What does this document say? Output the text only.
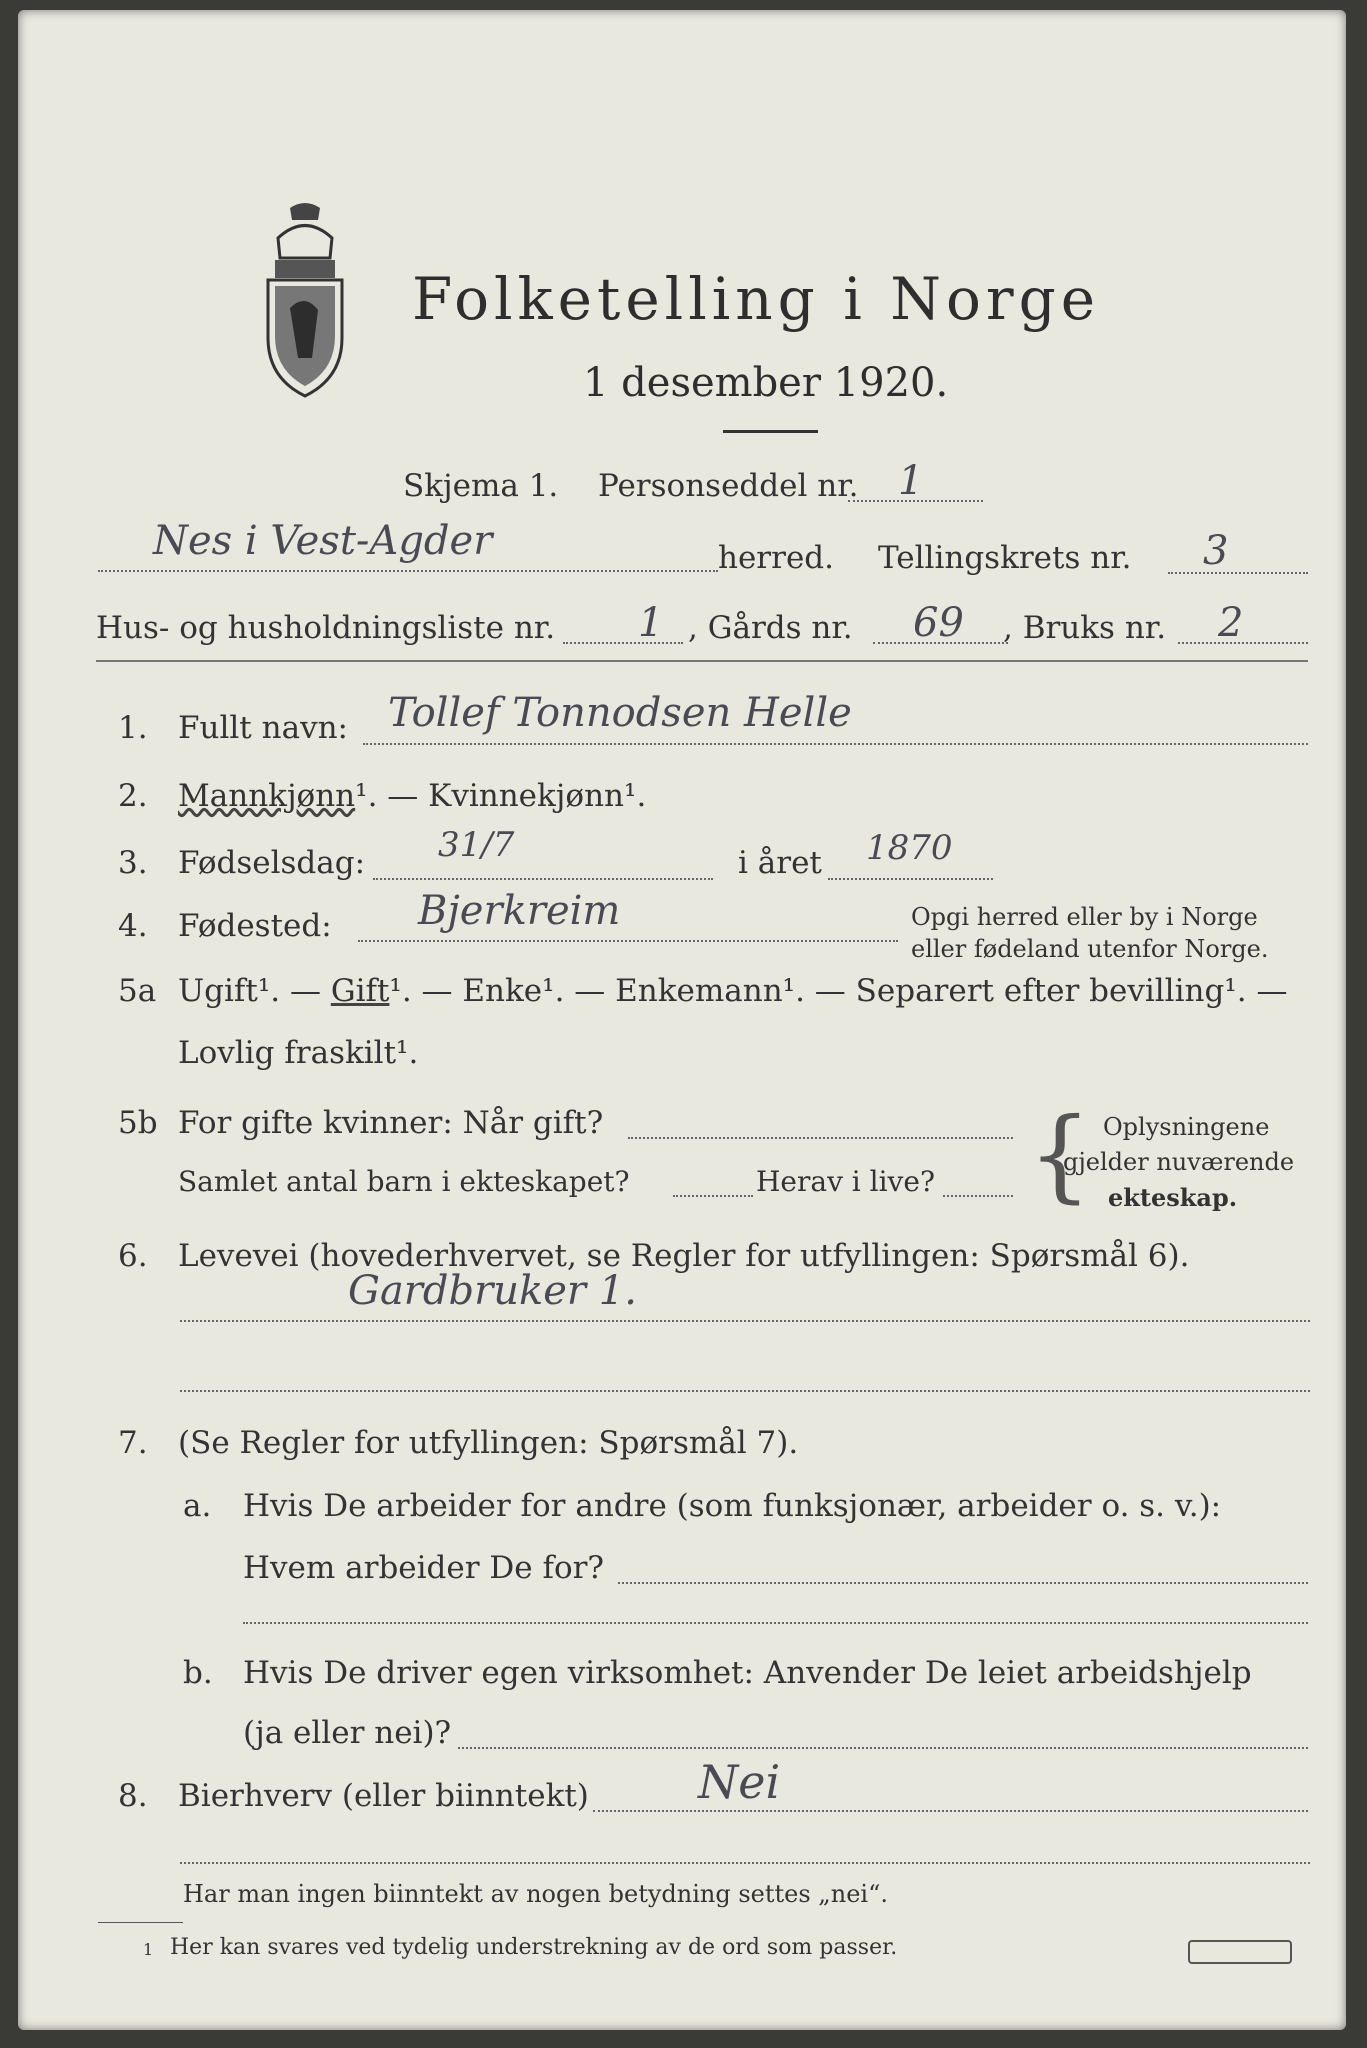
Folketelling i Norge
1 desember 1920.
Skjema 1. Personseddel nr. 1
Nes i Vest-Agder	herred. Tellingskrets nr. 3
Hus- og husholdningsliste nr. 1 , Gårds nr. 69 , Bruks nr. 2
1. Fullt navn: Tollef Tonnodsen Helle
2. Mannkjønn¹. — Kvinnekjønn¹.
3. Fødselsdag: 31/7	i året 1870
4. Fødested: Bjerkreim	Opgi herred eller by i Norge
eller fødeland utenfor Norge.
5a Ugift¹. — Gift¹. — Enke¹. — Enkemann¹. — Separert efter bevilling¹. —
Lovlig fraskilt¹.
5b For gifte kvinner: Når gift?
Samlet antal barn i ekteskapet?	Herav i live? { Oplysningene
gjelder nuværende
ekteskap.
6. Levevei (hovederhvervet, se Regler for utfyllingen: Spørsmål 6).
Gardbruker 1.
7. (Se Regler for utfyllingen: Spørsmål 7).
a. Hvis De arbeider for andre (som funksjonær, arbeider o. s. v.):
Hvem arbeider De for?
b. Hvis De driver egen virksomhet: Anvender De leiet arbeidshjelp
(ja eller nei)?
8. Bierhverv (eller biinntekt) Nei
Har man ingen biinntekt av nogen betydning settes „nei“.
1 Her kan svares ved tydelig understrekning av de ord som passer.
